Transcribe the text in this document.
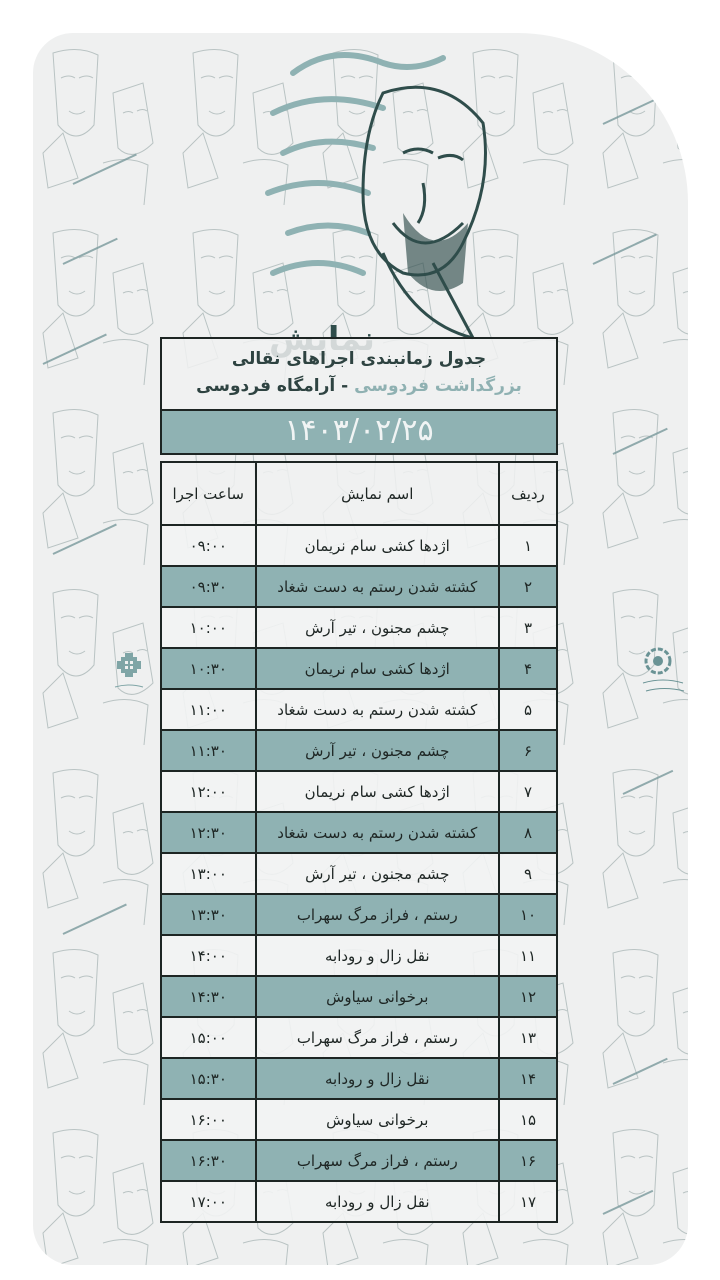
جدول زمانبندی اجراهای نقالی
بزرگداشت فردوسی - آرامگاه فردوسی
۱۴۰۳/۰۲/۲۵
ردیف	اسم نمایش	ساعت اجرا
۱	اژدها کشی سام نریمان	۰۹:۰۰
۲	کشته شدن رستم به دست شغاد	۰۹:۳۰
۳	چشم مجنون ، تیر آرش	۱۰:۰۰
۴	اژدها کشی سام نریمان	۱۰:۳۰
۵	کشته شدن رستم به دست شغاد	۱۱:۰۰
۶	چشم مجنون ، تیر آرش	۱۱:۳۰
۷	اژدها کشی سام نریمان	۱۲:۰۰
۸	کشته شدن رستم به دست شغاد	۱۲:۳۰
۹	چشم مجنون ، تیر آرش	۱۳:۰۰
۱۰	رستم ، فراز مرگ سهراب	۱۳:۳۰
۱۱	نقل زال و رودابه	۱۴:۰۰
۱۲	برخوانی سیاوش	۱۴:۳۰
۱۳	رستم ، فراز مرگ سهراب	۱۵:۰۰
۱۴	نقل زال و رودابه	۱۵:۳۰
۱۵	برخوانی سیاوش	۱۶:۰۰
۱۶	رستم ، فراز مرگ سهراب	۱۶:۳۰
۱۷	نقل زال و رودابه	۱۷:۰۰
